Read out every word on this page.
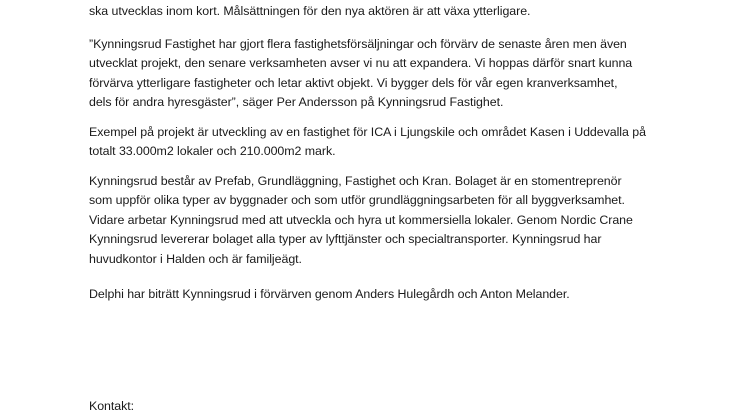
ska utvecklas inom kort. Målsättningen för den nya aktören är att växa ytterligare.

”Kynningsrud Fastighet har gjort flera fastighetsförsäljningar och förvärv de senaste åren men även
utvecklat projekt, den senare verksamheten avser vi nu att expandera. Vi hoppas därför snart kunna
förvärva ytterligare fastigheter och letar aktivt objekt. Vi bygger dels för vår egen kranverksamhet,
dels för andra hyresgäster”, säger Per Andersson på Kynningsrud Fastighet.

Exempel på projekt är utveckling av en fastighet för ICA i Ljungskile och området Kasen i Uddevalla på
totalt 33.000m2 lokaler och 210.000m2 mark.

Kynningsrud består av Prefab, Grundläggning, Fastighet och Kran. Bolaget är en stomentreprenör
som uppför olika typer av byggnader och som utför grundläggningsarbeten för all byggverksamhet.
Vidare arbetar Kynningsrud med att utveckla och hyra ut kommersiella lokaler. Genom Nordic Crane
Kynningsrud levererar bolaget alla typer av lyfttjänster och specialtransporter. Kynningsrud har
huvudkontor i Halden och är familjeägt.

Delphi har biträtt Kynningsrud i förvärven genom Anders Hulegårdh och Anton Melander.

Kontakt:
